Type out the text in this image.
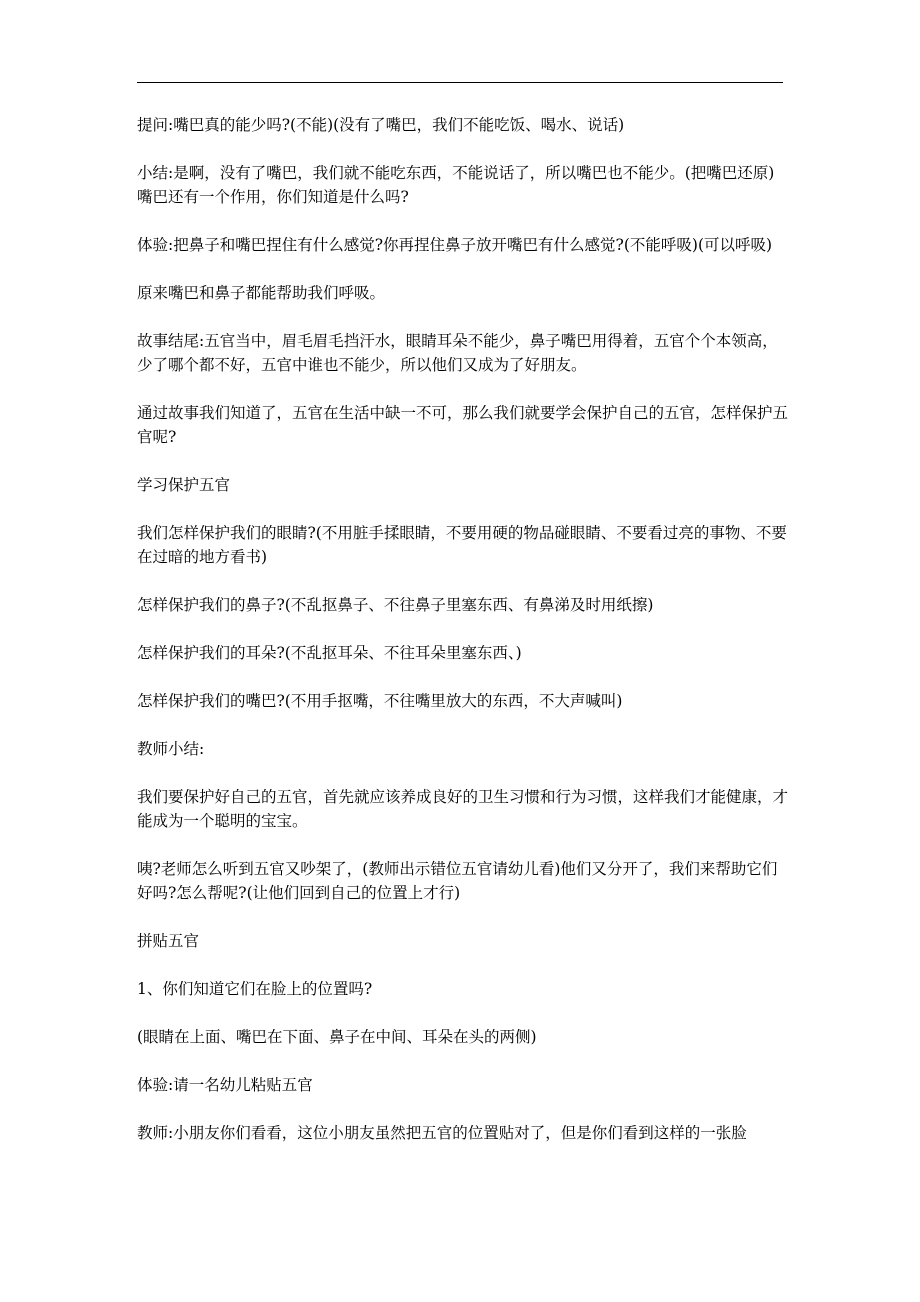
提问:嘴巴真的能少吗?(不能)(没有了嘴巴，我们不能吃饭、喝水、说话)

小结:是啊，没有了嘴巴，我们就不能吃东西，不能说话了，所以嘴巴也不能少。(把嘴巴还原)嘴巴还有一个作用，你们知道是什么吗?

体验:把鼻子和嘴巴捏住有什么感觉?你再捏住鼻子放开嘴巴有什么感觉?(不能呼吸)(可以呼吸)

原来嘴巴和鼻子都能帮助我们呼吸。

故事结尾:五官当中，眉毛眉毛挡汗水，眼睛耳朵不能少，鼻子嘴巴用得着，五官个个本领高，少了哪个都不好，五官中谁也不能少，所以他们又成为了好朋友。

通过故事我们知道了，五官在生活中缺一不可，那么我们就要学会保护自己的五官，怎样保护五官呢?

学习保护五官

我们怎样保护我们的眼睛?(不用脏手揉眼睛，不要用硬的物品碰眼睛、不要看过亮的事物、不要在过暗的地方看书)

怎样保护我们的鼻子?(不乱抠鼻子、不往鼻子里塞东西、有鼻涕及时用纸擦)

怎样保护我们的耳朵?(不乱抠耳朵、不往耳朵里塞东西、)

怎样保护我们的嘴巴?(不用手抠嘴，不往嘴里放大的东西，不大声喊叫)

教师小结:

我们要保护好自己的五官，首先就应该养成良好的卫生习惯和行为习惯，这样我们才能健康，才能成为一个聪明的宝宝。

咦?老师怎么听到五官又吵架了，(教师出示错位五官请幼儿看)他们又分开了，我们来帮助它们好吗?怎么帮呢?(让他们回到自己的位置上才行)

拼贴五官

1、你们知道它们在脸上的位置吗?

(眼睛在上面、嘴巴在下面、鼻子在中间、耳朵在头的两侧)

体验:请一名幼儿粘贴五官

教师:小朋友你们看看，这位小朋友虽然把五官的位置贴对了，但是你们看到这样的一张脸
